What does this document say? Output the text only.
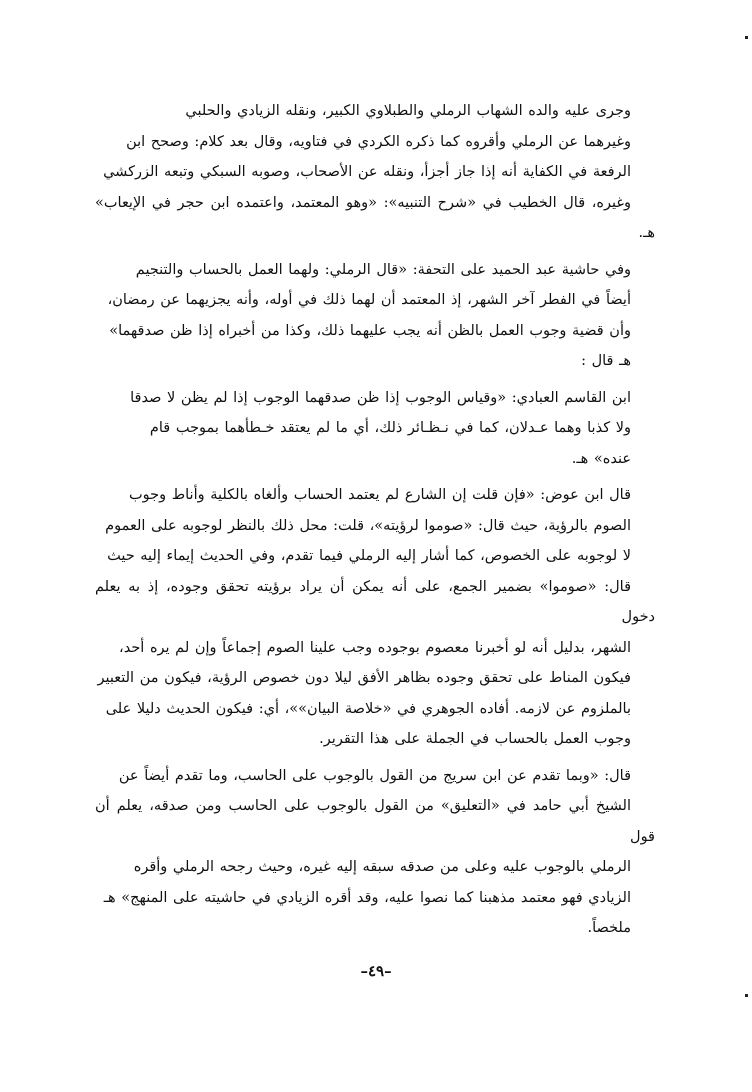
وجرى عليه والده الشهاب الرملي والطبلاوي الكبير، ونقله الزيادي والحلبي
وغيرهما عن الرملي وأقروه كما ذكره الكردي في فتاويه، وقال بعد كلام: وصحح ابن
الرفعة في الكفاية أنه إذا جاز أجزأ، ونقله عن الأصحاب، وصوبه السبكي وتبعه الزركشي
وغيره، قال الخطيب في «شرح التنبيه»: «وهو المعتمد، واعتمده ابن حجر في الإيعاب» هـ.

وفي حاشية عبد الحميد على التحفة: «قال الرملي: ولهما العمل بالحساب والتنجيم
أيضاً في الفطر آخر الشهر، إذ المعتمد أن لهما ذلك في أوله، وأنه يجزيهما عن رمضان،
وأن قضية وجوب العمل بالظن أنه يجب عليهما ذلك، وكذا من أخبراه إذا ظن صدقهما»
هـ قال :

ابن القاسم العبادي: «وقياس الوجوب إذا ظن صدقهما الوجوب إذا لم يظن لا صدقا
ولا كذبا وهما عـدلان، كما في نـظـائر ذلك، أي ما لم يعتقد خـطأهما بموجب قام
عنده» هـ.

قال ابن عوض: «فإن قلت إن الشارع لم يعتمد الحساب وألغاه بالكلية وأناط وجوب
الصوم بالرؤية، حيث قال: «صوموا لرؤيته»، قلت: محل ذلك بالنظر لوجوبه على العموم
لا لوجوبه على الخصوص، كما أشار إليه الرملي فيما تقدم، وفي الحديث إيماء إليه حيث
قال: «صوموا» بضمير الجمع، على أنه يمكن أن يراد برؤيته تحقق وجوده، إذ به يعلم دخول
الشهر، بدليل أنه لو أخبرنا معصوم بوجوده وجب علينا الصوم إجماعاً وإن لم يره أحد،
فيكون المناط على تحقق وجوده بظاهر الأفق ليلا دون خصوص الرؤية، فيكون من التعبير
بالملزوم عن لازمه. أفاده الجوهري في «خلاصة البيان»»، أي: فيكون الحديث دليلا على
وجوب العمل بالحساب في الجملة على هذا التقرير.

قال: «وبما تقدم عن ابن سريج من القول بالوجوب على الحاسب، وما تقدم أيضاً عن
الشيخ أبي حامد في «التعليق» من القول بالوجوب على الحاسب ومن صدقه، يعلم أن قول
الرملي بالوجوب عليه وعلى من صدقه سبقه إليه غيره، وحيث رجحه الرملي وأقره
الزيادي فهو معتمد مذهبنا كما نصوا عليه، وقد أقره الزيادي في حاشيته على المنهج» هـ
ملخصاً.

–٤٩–
